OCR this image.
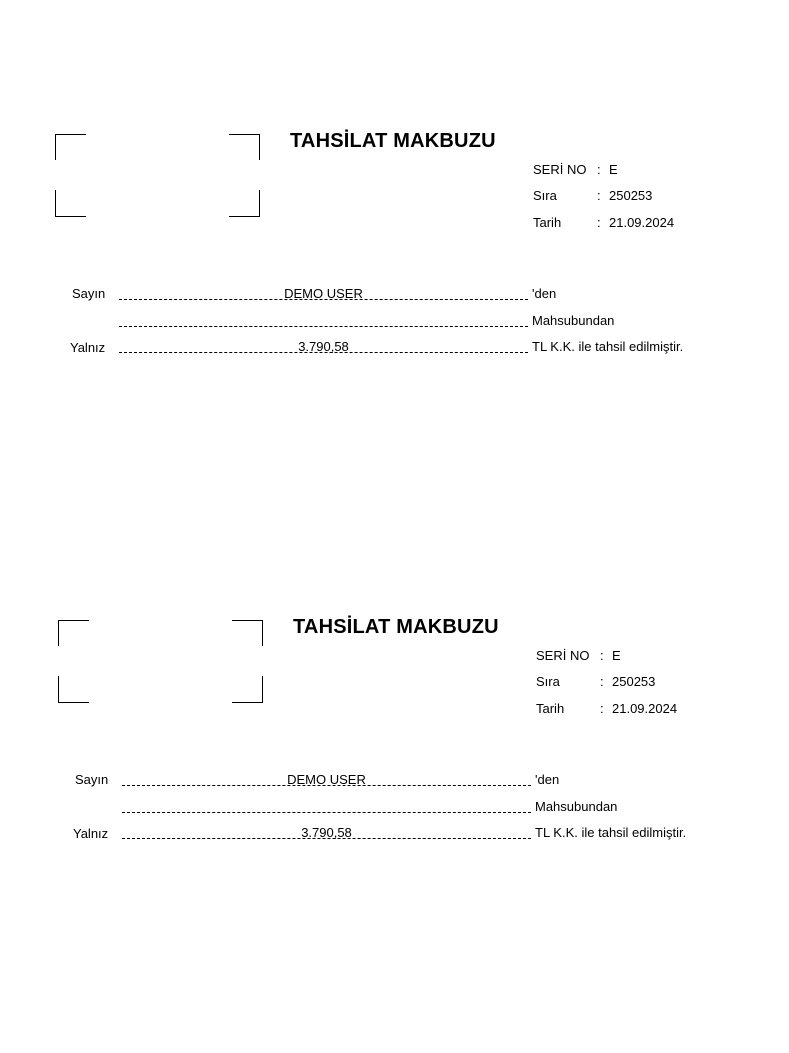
TAHSİLAT MAKBUZU
SERİ NO : E
Sıra	: 250253
Tarih	: 21.09.2024
Sayın	DEMO USER	'den
Mahsubundan
Yalnız	3.790,58	TL K.K. ile tahsil edilmiştir.
TAHSİLAT MAKBUZU
SERİ NO : E
Sıra	: 250253
Tarih	: 21.09.2024
Sayın	DEMO USER	'den
Mahsubundan
Yalnız	3.790,58	TL K.K. ile tahsil edilmiştir.
